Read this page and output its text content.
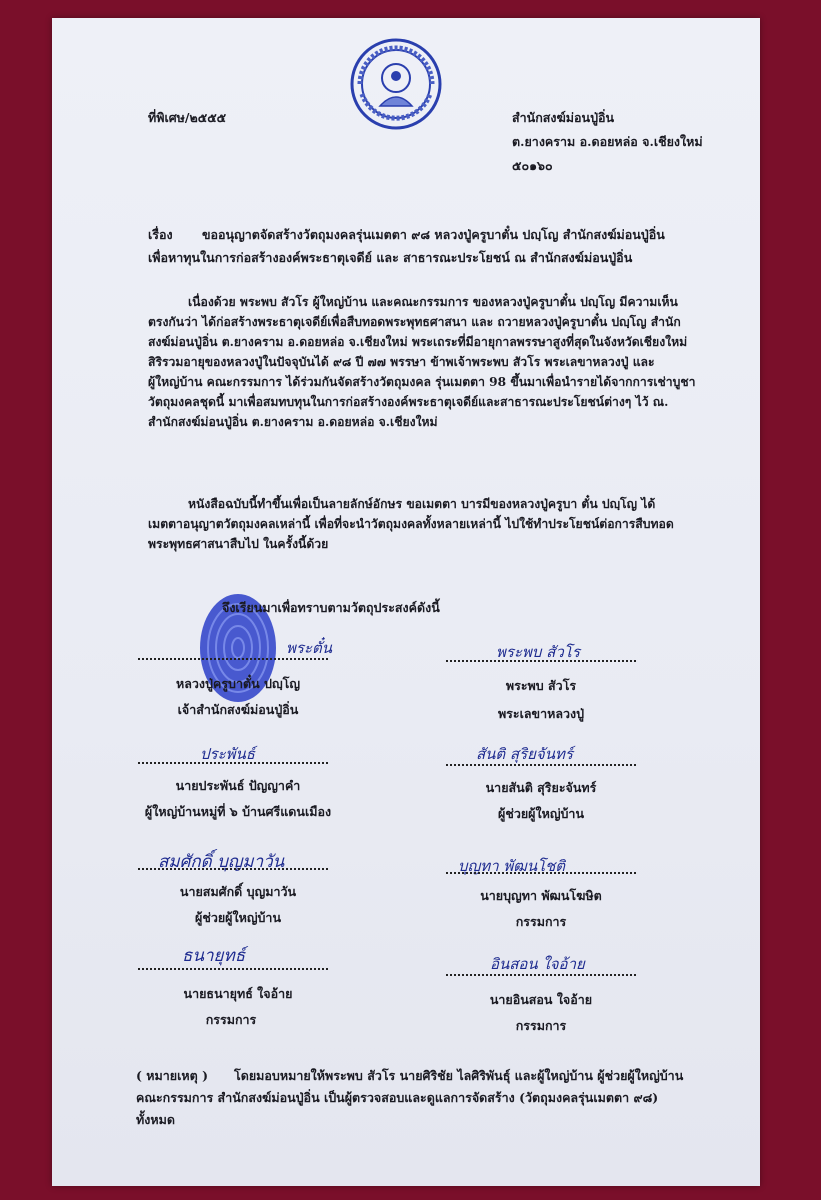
ที่พิเศษ/๒๕๕๕	สำนักสงฆ์ม่อนปู่อิ่น
ต.ยางคราม อ.ดอยหล่อ จ.เชียงใหม่
๕๐๑๖๐
เรื่อง ขออนุญาตจัดสร้างวัตถุมงคลรุ่นเมตตา ๙๘ หลวงปู่ครูบาตั๋น ปญฺโญ สำนักสงฆ์ม่อนปู่อิ่น
เพื่อหาทุนในการก่อสร้างองค์พระธาตุเจดีย์ และ สาธารณะประโยชน์ ณ สำนักสงฆ์ม่อนปู่อิ่น
เนื่องด้วย พระพบ สัวโร ผู้ใหญ่บ้าน และคณะกรรมการ ของหลวงปู่ครูบาตั๋น ปญฺโญ มีความเห็น
ตรงกันว่า ได้ก่อสร้างพระธาตุเจดีย์เพื่อสืบทอดพระพุทธศาสนา และ ถวายหลวงปู่ครูบาตั๋น ปญฺโญ สำนัก
สงฆ์ม่อนปู่อิ่น ต.ยางคราม อ.ดอยหล่อ จ.เชียงใหม่ พระเถระที่มีอายุกาลพรรษาสูงที่สุดในจังหวัดเชียงใหม่
สิริรวมอายุของหลวงปู่ในปัจจุบันได้ ๙๘ ปี ๗๗ พรรษา ข้าพเจ้าพระพบ สัวโร พระเลขาหลวงปู่ และ
ผู้ใหญ่บ้าน คณะกรรมการ ได้ร่วมกันจัดสร้างวัตถุมงคล รุ่นเมตตา 98 ขึ้นมาเพื่อนำรายได้จากการเช่าบูชา
วัตถุมงคลชุดนี้ มาเพื่อสมทบทุนในการก่อสร้างองค์พระธาตุเจดีย์และสาธารณะประโยชน์ต่างๆ ไว้ ณ.
สำนักสงฆ์ม่อนปู่อิ่น ต.ยางคราม อ.ดอยหล่อ จ.เชียงใหม่
หนังสือฉบับนี้ทำขึ้นเพื่อเป็นลายลักษ์อักษร ขอเมตตา บารมีของหลวงปู่ครูบา ตั๋น ปญฺโญ ได้
เมตตาอนุญาตวัตถุมงคลเหล่านี้ เพื่อที่จะนำวัตถุมงคลทั้งหลายเหล่านี้ ไปใช้ทำประโยชน์ต่อการสืบทอด
พระพุทธศาสนาสืบไป ในครั้งนี้ด้วย
จึงเรียนมาเพื่อทราบตามวัตถุประสงค์ดังนี้
พระตั๋น
หลวงปู่ครูบาตั๋น ปญฺโญ
เจ้าสำนักสงฆ์ม่อนปู่อิ่น
พระพบ สัวโร
พระพบ สัวโร
พระเลขาหลวงปู่
ประพันธ์
นายประพันธ์ ปัญญาคำ
ผู้ใหญ่บ้านหมู่ที่ ๖ บ้านศรีแดนเมือง
สันติ สุริยจันทร์
นายสันติ สุริยะจันทร์
ผู้ช่วยผู้ใหญ่บ้าน
สมศักดิ์ บุญมาวัน
นายสมศักดิ์ บุญมาวัน
ผู้ช่วยผู้ใหญ่บ้าน
บุญทา พัฒนโชติ
นายบุญทา พัฒนโฆษิต
กรรมการ
ธนายุทธ์
นายธนายุทธ์ ใจอ้าย
กรรมการ
อินสอน ใจอ้าย
นายอินสอน ใจอ้าย
กรรมการ
( หมายเหตุ ) โดยมอบหมายให้พระพบ สัวโร นายศิริชัย ไลศิริพันธุ์ และผู้ใหญ่บ้าน ผู้ช่วยผู้ใหญ่บ้าน
คณะกรรมการ สำนักสงฆ์ม่อนปู่อิ่น เป็นผู้ตรวจสอบและดูแลการจัดสร้าง (วัตถุมงคลรุ่นเมตตา ๙๘)
ทั้งหมด
